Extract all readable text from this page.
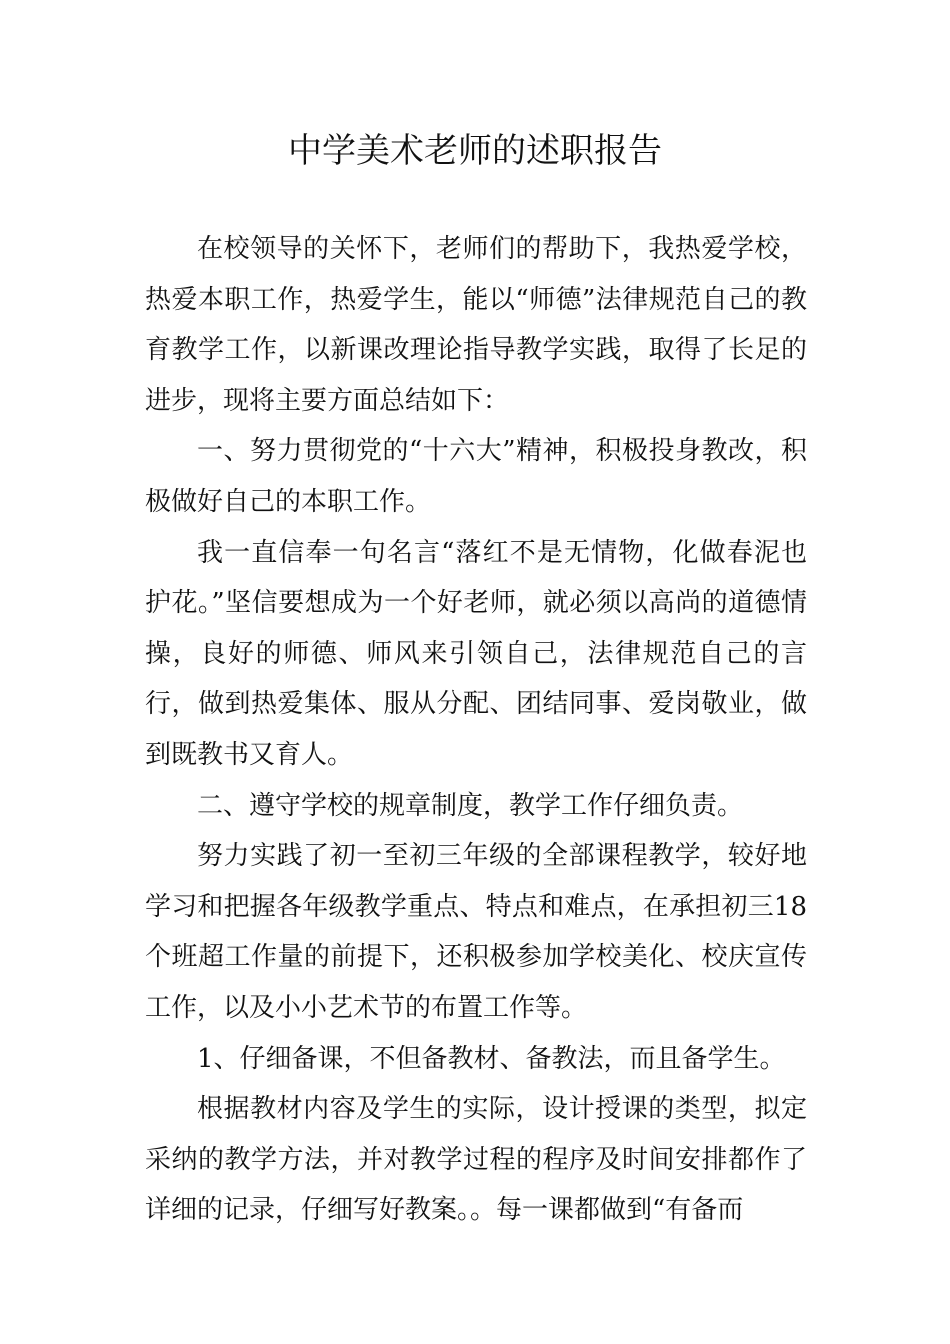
中学美术老师的述职报告

在校领导的关怀下，老师们的帮助下，我热爱学校，热爱本职工作，热爱学生，能以“师德”法律规范自己的教育教学工作，以新课改理论指导教学实践，取得了长足的进步，现将主要方面总结如下：

一、努力贯彻党的“十六大”精神，积极投身教改，积极做好自己的本职工作。

我一直信奉一句名言“落红不是无情物，化做春泥也护花。”坚信要想成为一个好老师，就必须以高尚的道德情操，良好的师德、师风来引领自己，法律规范自己的言行，做到热爱集体、服从分配、团结同事、爱岗敬业，做到既教书又育人。

二、遵守学校的规章制度，教学工作仔细负责。

努力实践了初一至初三年级的全部课程教学，较好地学习和把握各年级教学重点、特点和难点，在承担初三18个班超工作量的前提下，还积极参加学校美化、校庆宣传工作，以及小小艺术节的布置工作等。

1、仔细备课，不但备教材、备教法，而且备学生。

根据教材内容及学生的实际，设计授课的类型，拟定采纳的教学方法，并对教学过程的程序及时间安排都作了详细的记录，仔细写好教案。。每一课都做到“有备而
